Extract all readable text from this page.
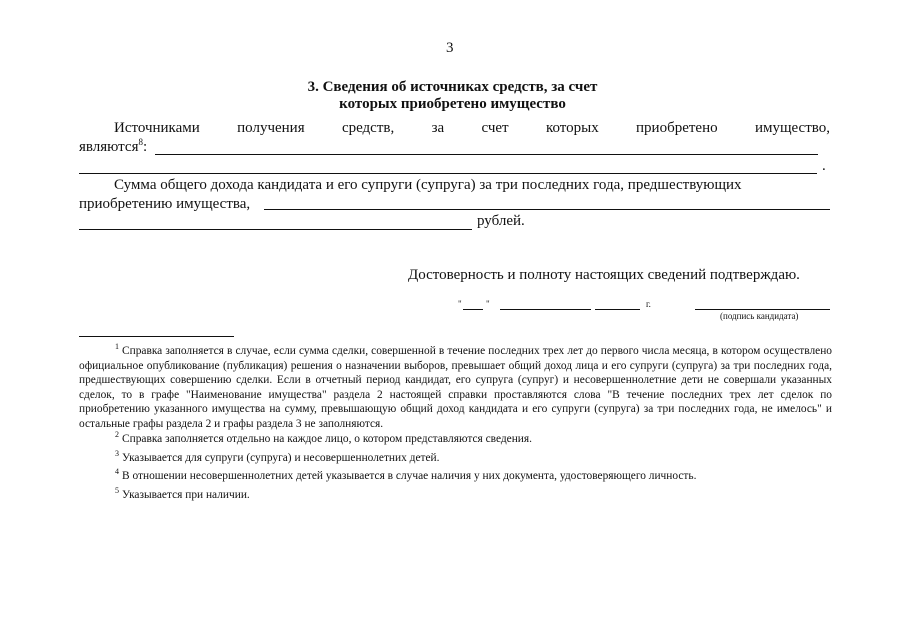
3
3. Сведения об источниках средств, за счет
которых приобретено имущество
Источниками получения средств, за счет которых приобретено имущество,
являются$^8$:
.
Сумма общего дохода кандидата и его супруги (супруга) за три последних года, предшествующих
приобретению имущества,
рублей.
Достоверность и полноту настоящих сведений подтверждаю.
"	"	г.
(подпись кандидата)

$^1$ Справка заполняется в случае, если сумма сделки, совершенной в течение последних трех лет до первого числа месяца, в котором осуществлено официальное опубликование (публикация) решения о назначении выборов, превышает общий доход лица и его супруги (супруга) за три последних года, предшествующих совершению сделки. Если в отчетный период кандидат, его супруга (супруг) и несовершеннолетние дети не совершали указанных сделок, то в графе "Наименование имущества" раздела 2 настоящей справки проставляются слова "В течение последних трех лет сделок по приобретению указанного имущества на сумму, превышающую общий доход кандидата и его супруги (супруга) за три последних года, не имелось" и остальные графы раздела 2 и графы раздела 3 не заполняются.

$^2$ Справка заполняется отдельно на каждое лицо, о котором представляются сведения.

$^3$ Указывается для супруги (супруга) и несовершеннолетних детей.

$^4$ В отношении несовершеннолетних детей указывается в случае наличия у них документа, удостоверяющего личность.

$^5$ Указывается при наличии.
